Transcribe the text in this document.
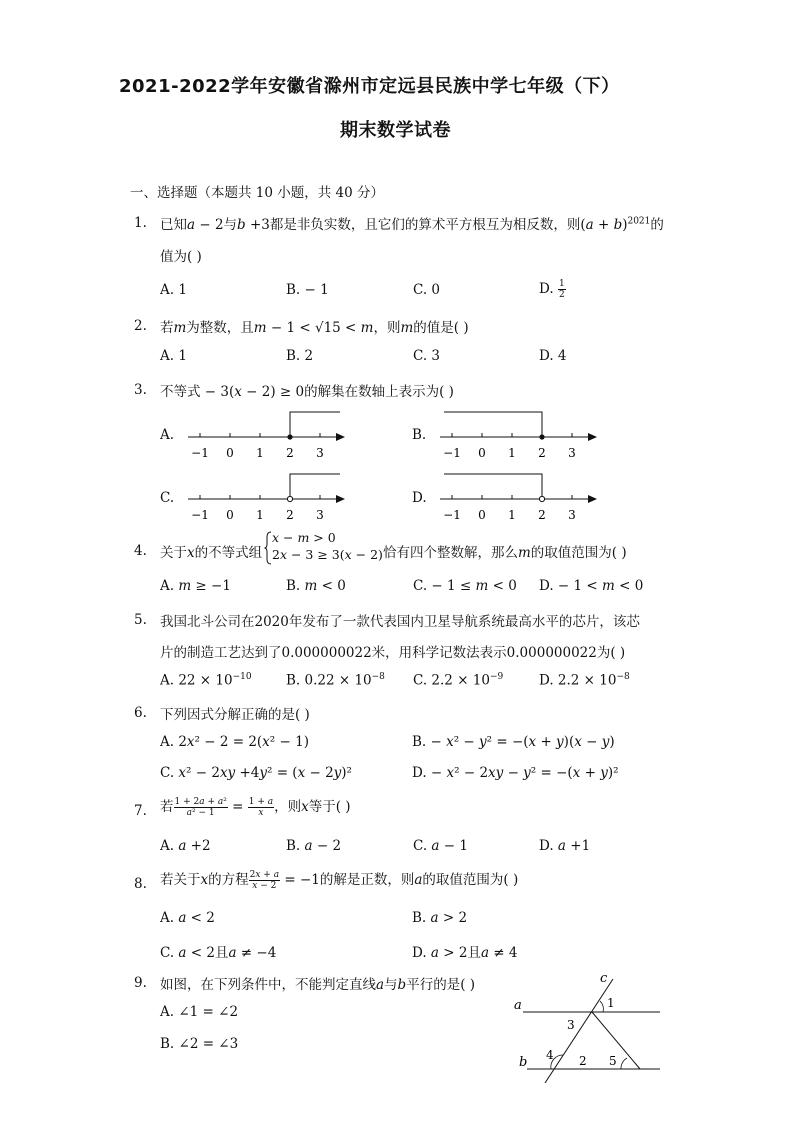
2021-2022学年安徽省滁州市定远县民族中学七年级（下）
期末数学试卷
一、选择题（本题共 10 小题，共 40 分）
1. 已知𝑎 − 2与𝑏 +3都是非负实数，且它们的算术平方根互为相反数，则(𝑎 + 𝑏)$^{2021}$的
值为( )
A. 1	B. − 1	C. 0	D. $\frac{1}{2}$
2. 若𝑚为整数，且𝑚 − 1 < √15 < 𝑚，则𝑚的值是( )
A. 1	B. 2	C. 3	D. 4
3. 不等式 − 3(𝑥 − 2) ≥ 0的解集在数轴上表示为( )
A.	B.
C.	D.
−1 0 1 2 3	−1 0 1 2 3
−1 0 1 2 3	−1 0 1 2 3
4. 关于𝑥的不等式组
𝑥 − 𝑚 > 0
2𝑥 − 3 ≥ 3(𝑥 − 2) 恰有四个整数解，那么𝑚的取值范围为( )
A. 𝑚 ≥ −1	B. 𝑚 < 0	C. − 1 ≤ 𝑚 < 0 D. − 1 < 𝑚 < 0
5. 我国北斗公司在2020年发布了一款代表国内卫星导航系统最高水平的芯片，该芯
片的制造工艺达到了0.000000022米，用科学记数法表示0.000000022为( )
A. $22 \times 10^{-10}$	B. $0.22 \times 10^{-8}$ C. $2.2 \times 10^{-9}$	D. $2.2 \times 10^{-8}$
6. 下列因式分解正确的是( )
A. 2𝑥² − 2 = 2(𝑥² − 1)	B. − 𝑥² − 𝑦² = −(𝑥 + 𝑦)(𝑥 − 𝑦)
C. 𝑥² − 2𝑥𝑦 +4𝑦² = (𝑥 − 2𝑦)²	D. − 𝑥² − 2𝑥𝑦 − 𝑦² = −(𝑥 + 𝑦)²
7. 若 $\frac{\text{1 + 2𝑎 + 𝑎²}}{\text{𝑎² − 1}} = \frac{\text{1 + 𝑎}}{\text{𝑥}}$ ，则𝑥等于( )
A. 𝑎 +2	B. 𝑎 − 2	C. 𝑎 − 1	D. 𝑎 +1
8. 若关于𝑥的方程 $\frac{\text{2𝑥 + 𝑎}}{\text{𝑥 − 2}} = -1$的解是正数，则𝑎的取值范围为( )
A. 𝑎 < 2	B. 𝑎 > 2
C. 𝑎 < 2且𝑎 ≠ −4	D. 𝑎 > 2且𝑎 ≠ 4
9. 如图，在下列条件中，不能判定直线𝑎与𝑏平行的是( )
A. ∠1 = ∠2
B. ∠2 = ∠3
a
b
c
1
3
4 2 5
